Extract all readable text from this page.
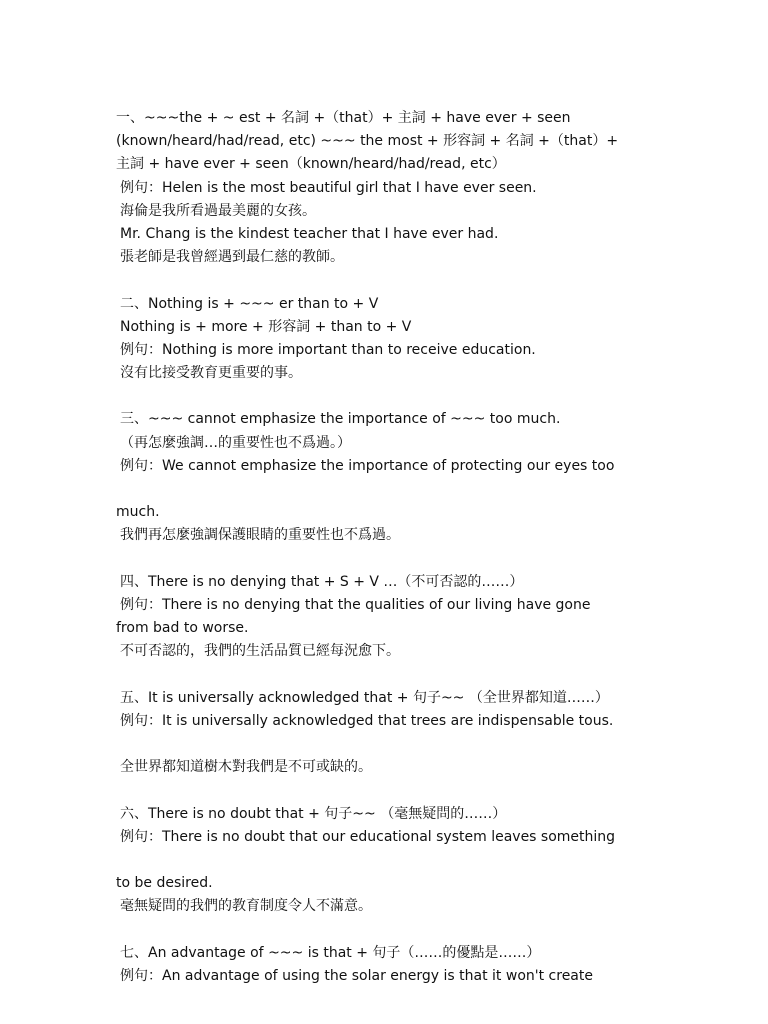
一、~~~the + ~ est + 名詞 +（that）+ 主詞 + have ever + seen
(known/heard/had/read, etc) ~~~ the most + 形容詞 + 名詞 +（that）+
主詞 + have ever + seen（known/heard/had/read, etc）
例句：Helen is the most beautiful girl that I have ever seen.
海倫是我所看過最美麗的女孩。
Mr. Chang is the kindest teacher that I have ever had.
張老師是我曾經遇到最仁慈的教師。
二、Nothing is + ~~~ er than to + V
Nothing is + more + 形容詞 + than to + V
例句：Nothing is more important than to receive education.
沒有比接受教育更重要的事。
三、~~~ cannot emphasize the importance of ~~~ too much.
（再怎麼強調…的重要性也不爲過。）
例句：We cannot emphasize the importance of protecting our eyes too
much.
我們再怎麼強調保護眼睛的重要性也不爲過。
四、There is no denying that + S + V …（不可否認的……）
例句：There is no denying that the qualities of our living have gone
from bad to worse.
不可否認的，我們的生活品質已經每況愈下。
五、It is universally acknowledged that + 句子~~ （全世界都知道……）
例句：It is universally acknowledged that trees are indispensable tous.
全世界都知道樹木對我們是不可或缺的。
六、There is no doubt that + 句子~~ （毫無疑問的……）
例句：There is no doubt that our educational system leaves something
to be desired.
毫無疑問的我們的教育制度令人不滿意。
七、An advantage of ~~~ is that + 句子（……的優點是……）
例句：An advantage of using the solar energy is that it won't create
